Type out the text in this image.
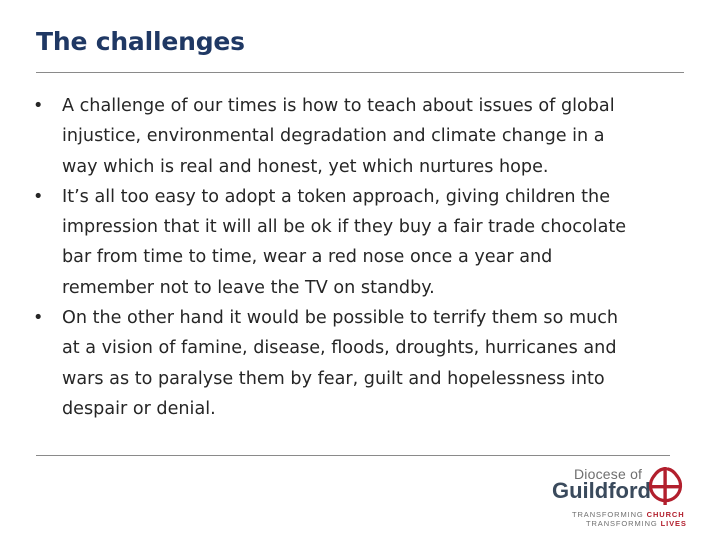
The challenges
•	A challenge of our times is how to teach about issues of global
injustice, environmental degradation and climate change in a
way which is real and honest, yet which nurtures hope.
•	It’s all too easy to adopt a token approach, giving children the
impression that it will all be ok if they buy a fair trade chocolate
bar from time to time, wear a red nose once a year and
remember not to leave the TV on standby.
•	On the other hand it would be possible to terrify them so much
at a vision of famine, disease, floods, droughts, hurricanes and
wars as to paralyse them by fear, guilt and hopelessness into
despair or denial.
Diocese of
Guildford
TRANSFORMING CHURCH
TRANSFORMING LIVES
